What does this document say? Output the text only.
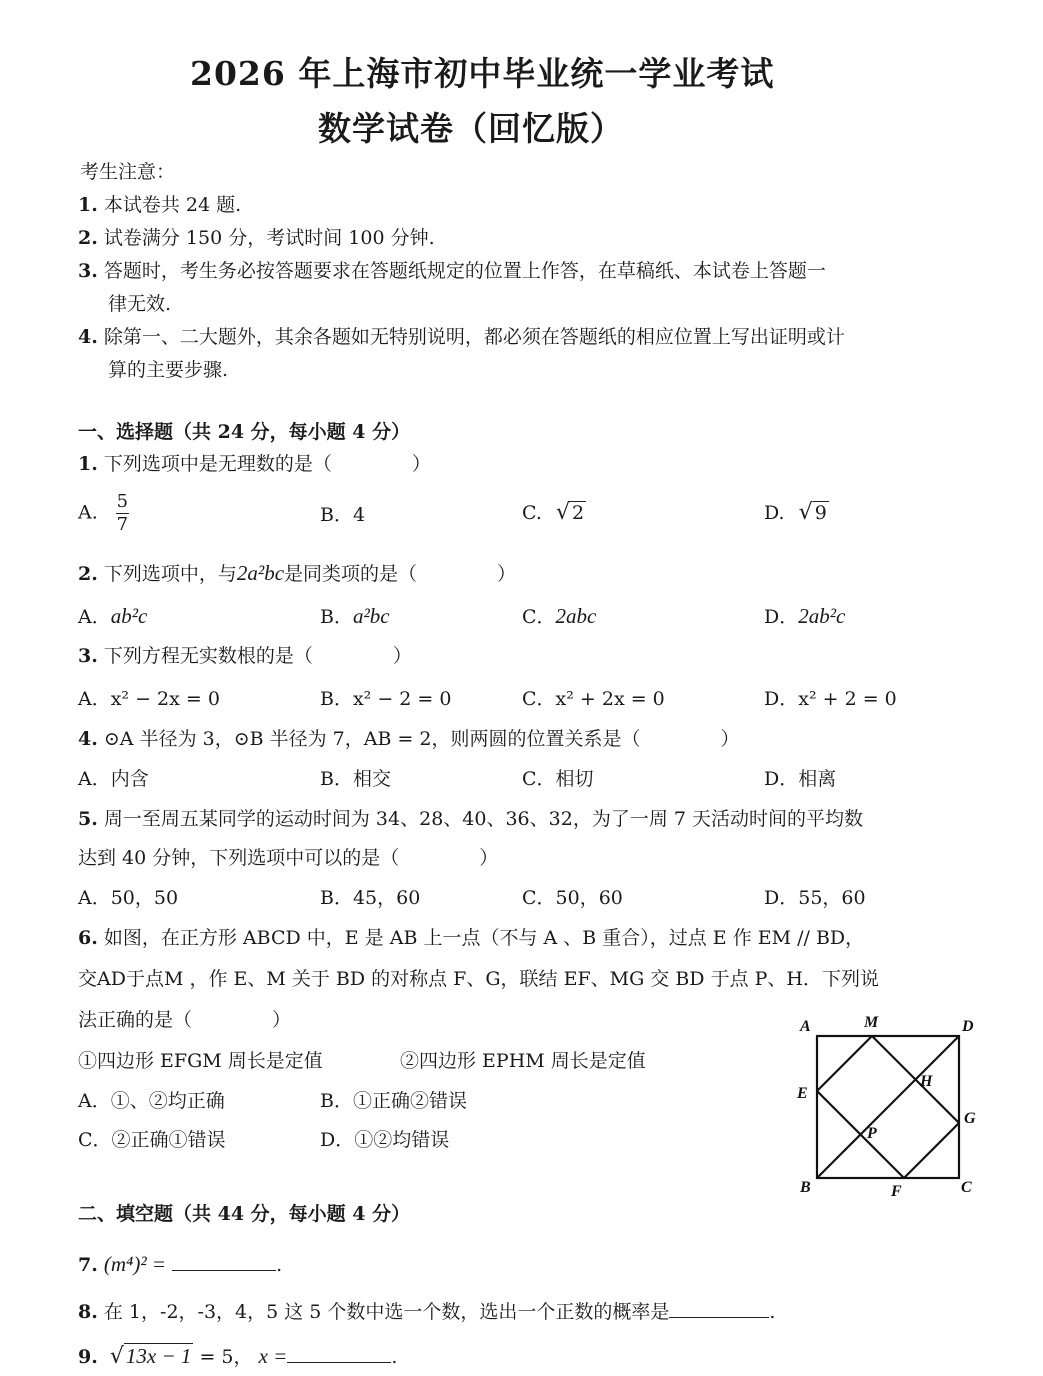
2026 年上海市初中毕业统一学业考试
数学试卷（回忆版）
考生注意：
1. 本试卷共 24 题.
2. 试卷满分 150 分，考试时间 100 分钟.
3. 答题时，考生务必按答题要求在答题纸规定的位置上作答，在草稿纸、本试卷上答题一
律无效.
4. 除第一、二大题外，其余各题如无特别说明，都必须在答题纸的相应位置上写出证明或计
算的主要步骤.
一、选择题（共 24 分，每小题 4 分）
1. 下列选项中是无理数的是（	）
A. $\frac{5}{7}$	B．4	C. √ 2	D. √ 9
2. 下列选项中，与2a²bc是同类项的是（	）
A．ab²c	B．a²bc	C．2abc	D．2ab²c
3. 下列方程无实数根的是（	）
A．x² − 2x = 0	B．x² − 2 = 0	C．x² + 2x = 0	D．x² + 2 = 0
4. ⊙A 半径为 3，⊙B 半径为 7，AB = 2，则两圆的位置关系是（	）
A．内含	B．相交	C．相切	D．相离
5. 周一至周五某同学的运动时间为 34、28、40、36、32，为了一周 7 天活动时间的平均数
达到 40 分钟，下列选项中可以的是（	）
A．50，50	B．45，60	C．50，60	D．55，60
6. 如图，在正方形 ABCD 中，E 是 AB 上一点（不与 A 、B 重合），过点 E 作 EM // BD，
交AD于点M ，作 E、M 关于 BD 的对称点 F、G，联结 EF、MG 交 BD 于点 P、H．下列说
法正确的是（	）
①四边形 EFGM 周长是定值	②四边形 EPHM 周长是定值
A．①、②均正确	B．①正确②错误
C．②正确①错误	D．①②均错误
A	M	D
E
H
G
P
B	F	C
二、填空题（共 44 分，每小题 4 分）
7. (m⁴)² =	.
8. 在 1，-2，-3，4，5 这 5 个数中选一个数，选出一个正数的概率是	.
9. √13x − 1 = 5， x =	.
